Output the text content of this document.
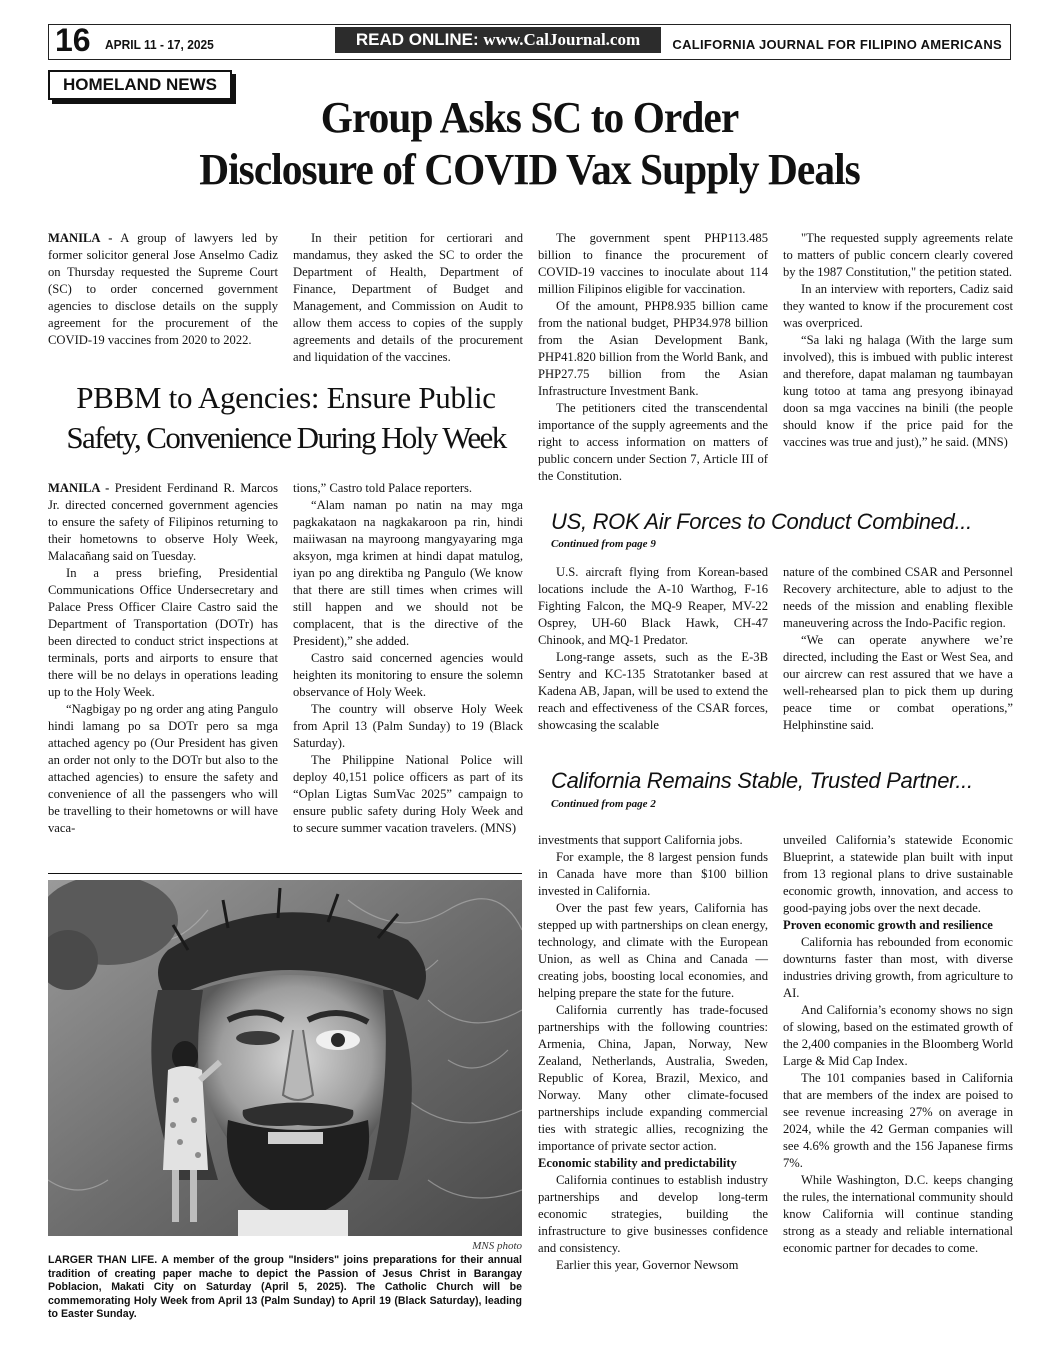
16 APRIL 11 - 17, 2025	READ ONLINE: www.CalJournal.com	CALIFORNIA JOURNAL FOR FILIPINO AMERICANS
HOMELAND NEWS
Group Asks SC to Order
Disclosure of COVID Vax Supply Deals

MANILA - A group of lawyers led by former solicitor general Jose Anselmo Cadiz on Thursday requested the Supreme Court (SC) to order concerned government agencies to disclose details on the supply agreement for the procurement of the COVID-19 vaccines from 2020 to 2022.

In their petition for certiorari and mandamus, they asked the SC to order the Department of Health, Department of Finance, Department of Budget and Management, and Commission on Audit to allow them access to copies of the supply agreements and details of the procurement and liquidation of the vaccines.

The government spent PHP113.485 billion to finance the procurement of COVID-19 vaccines to inoculate about 114 million Filipinos eligible for vaccination.

Of the amount, PHP8.935 billion came from the national budget, PHP34.978 billion from the Asian Development Bank, PHP41.820 billion from the World Bank, and PHP27.75 billion from the Asian Infrastructure Investment Bank.

The petitioners cited the transcendental importance of the supply agreements and the right to access information on matters of public concern under Section 7, Article III of the Constitution.

"The requested supply agreements relate to matters of public concern clearly covered by the 1987 Constitution," the petition stated.

In an interview with reporters, Cadiz said they wanted to know if the procurement cost was overpriced.

“Sa laki ng halaga (With the large sum involved), this is imbued with public interest and therefore, dapat malaman ng taumbayan kung totoo at tama ang presyong ibinayad doon sa mga vaccines na binili (the people should know if the price paid for the vaccines was true and just),” he said. (MNS)

PBBM to Agencies: Ensure Public
Safety, Convenience During Holy Week

MANILA - President Ferdinand R. Marcos Jr. directed concerned government agencies to ensure the safety of Filipinos returning to their hometowns to observe Holy Week, Malacañang said on Tuesday.

In a press briefing, Presidential Communications Office Undersecretary and Palace Press Officer Claire Castro said the Department of Transportation (DOTr) has been directed to conduct strict inspections at terminals, ports and airports to ensure that there will be no delays in operations leading up to the Holy Week.

“Nagbigay po ng order ang ating Pangulo hindi lamang po sa DOTr pero sa mga attached agency po (Our President has given an order not only to the DOTr but also to the attached agencies) to ensure the safety and convenience of all the passengers who will be travelling to their hometowns or will have vaca-

tions,” Castro told Palace reporters.

“Alam naman po natin na may mga pagkakataon na nagkakaroon pa rin, hindi maiiwasan na mayroong mangyayaring mga aksyon, mga krimen at hindi dapat matulog, iyan po ang direktiba ng Pangulo (We know that there are still times when crimes will still happen and we should not be complacent, that is the directive of the President),” she added.

Castro said concerned agencies would heighten its monitoring to ensure the solemn observance of Holy Week.

The country will observe Holy Week from April 13 (Palm Sunday) to 19 (Black Saturday).

The Philippine National Police will deploy 40,151 police officers as part of its “Oplan Ligtas SumVac 2025” campaign to ensure public safety during Holy Week and to secure summer vacation travelers. (MNS)

MNS photo
LARGER THAN LIFE. A member of the group "Insiders" joins preparations for their annual tradition of creating paper mache to depict the Passion of Jesus Christ in Barangay Poblacion, Makati City on Saturday (April 5, 2025). The Catholic Church will be commemorating Holy Week from April 13 (Palm Sunday) to April 19 (Black Saturday), leading to Easter Sunday.
US, ROK Air Forces to Conduct Combined...
Continued from page 9

U.S. aircraft flying from Korean-based locations include the A-10 Warthog, F-16 Fighting Falcon, the MQ-9 Reaper, MV-22 Osprey, UH-60 Black Hawk, CH-47 Chinook, and MQ-1 Predator.

Long-range assets, such as the E-3B Sentry and KC-135 Stratotanker based at Kadena AB, Japan, will be used to extend the reach and effectiveness of the CSAR forces, showcasing the scalable

nature of the combined CSAR and Personnel Recovery architecture, able to adjust to the needs of the mission and enabling flexible maneuvering across the Indo-Pacific region.

“We can operate anywhere we’re directed, including the East or West Sea, and our aircrew can rest assured that we have a well-rehearsed plan to pick them up during peace time or combat operations,” Helphinstine said.

California Remains Stable, Trusted Partner...
Continued from page 2

investments that support California jobs.

For example, the 8 largest pension funds in Canada have more than $100 billion invested in California.

Over the past few years, California has stepped up with partnerships on clean energy, technology, and climate with the European Union, as well as China and Canada — creating jobs, boosting local economies, and helping prepare the state for the future.

California currently has trade-focused partnerships with the following countries: Armenia, China, Japan, Norway, New Zealand, Netherlands, Australia, Sweden, Republic of Korea, Brazil, Mexico, and Norway. Many other climate-focused partnerships include expanding commercial ties with strategic allies, recognizing the importance of private sector action.

Economic stability and predictability

California continues to establish industry partnerships and develop long-term economic strategies, building the infrastructure to give businesses confidence and consistency.

Earlier this year, Governor Newsom

unveiled California’s statewide Economic Blueprint, a statewide plan built with input from 13 regional plans to drive sustainable economic growth, innovation, and access to good-paying jobs over the next decade.

Proven economic growth and resilience

California has rebounded from economic downturns faster than most, with diverse industries driving growth, from agriculture to AI.

And California’s economy shows no sign of slowing, based on the estimated growth of the 2,400 companies in the Bloomberg World Large & Mid Cap Index.

The 101 companies based in California that are members of the index are poised to see revenue increasing 27% on average in 2024, while the 42 German companies will see 4.6% growth and the 156 Japanese firms 7%.

While Washington, D.C. keeps changing the rules, the international community should know California will continue standing strong as a steady and reliable international economic partner for decades to come.
